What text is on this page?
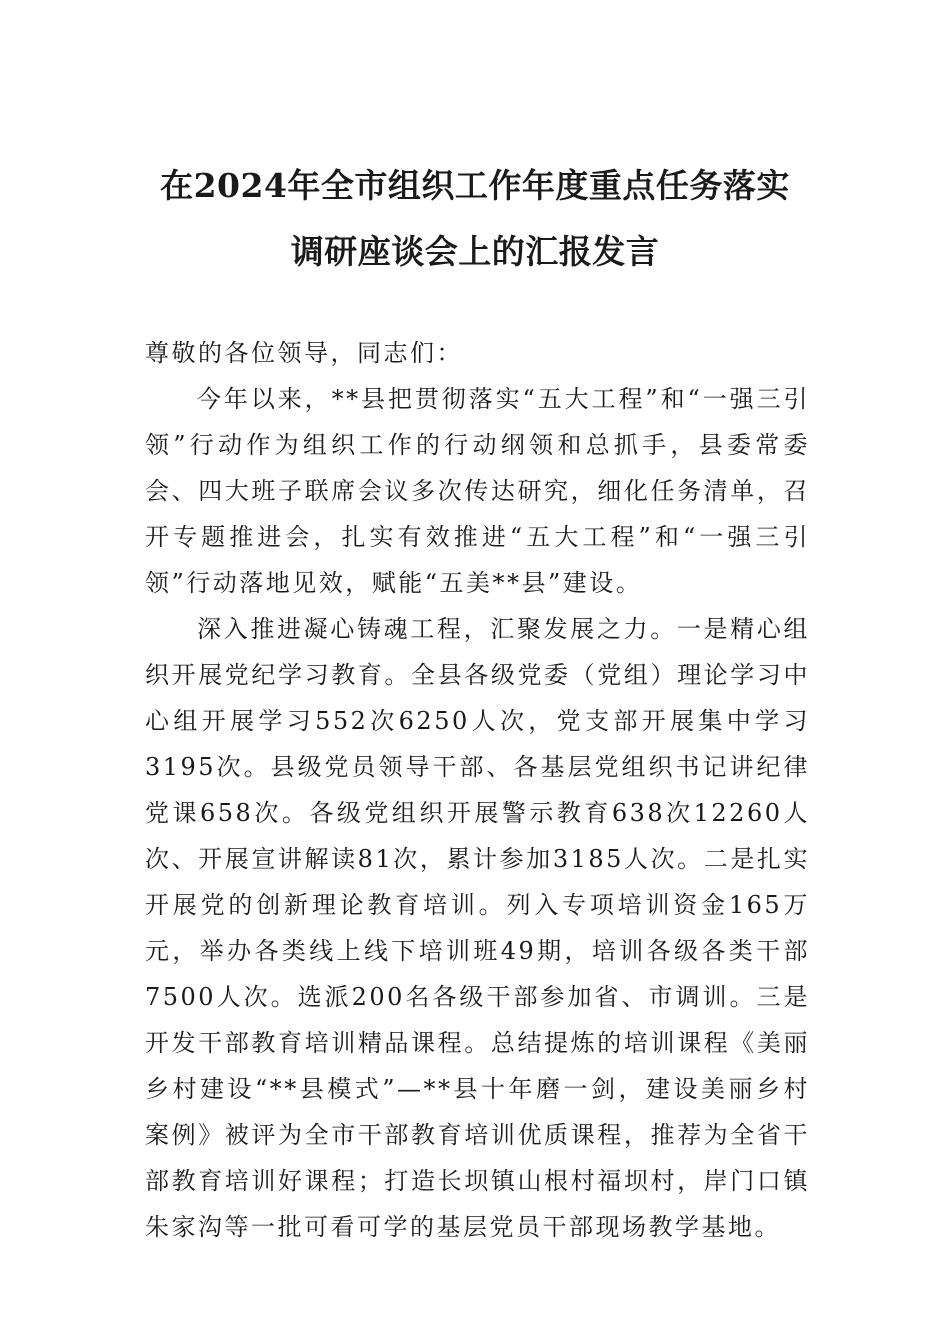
在2024年全市组织工作年度重点任务落实
调研座谈会上的汇报发言

尊敬的各位领导，同志们：

今年以来，**县把贯彻落实“五大工程”和“一强三引领”行动作为组织工作的行动纲领和总抓手，县委常委会、四大班子联席会议多次传达研究，细化任务清单，召开专题推进会，扎实有效推进“五大工程”和“一强三引领”行动落地见效，赋能“五美**县”建设。

深入推进凝心铸魂工程，汇聚发展之力。一是精心组织开展党纪学习教育。全县各级党委（党组）理论学习中心组开展学习552次6250人次，党支部开展集中学习3195次。县级党员领导干部、各基层党组织书记讲纪律党课658次。各级党组织开展警示教育638次12260人次、开展宣讲解读81次，累计参加3185人次。二是扎实开展党的创新理论教育培训。列入专项培训资金165万元，举办各类线上线下培训班49期，培训各级各类干部7500人次。选派200名各级干部参加省、市调训。三是开发干部教育培训精品课程。总结提炼的培训课程《美丽乡村建设“**县模式”—**县十年磨一剑，建设美丽乡村案例》被评为全市干部教育培训优质课程，推荐为全省干部教育培训好课程；打造长坝镇山根村福坝村，岸门口镇朱家沟等一批可看可学的基层党员干部现场教学基地。
